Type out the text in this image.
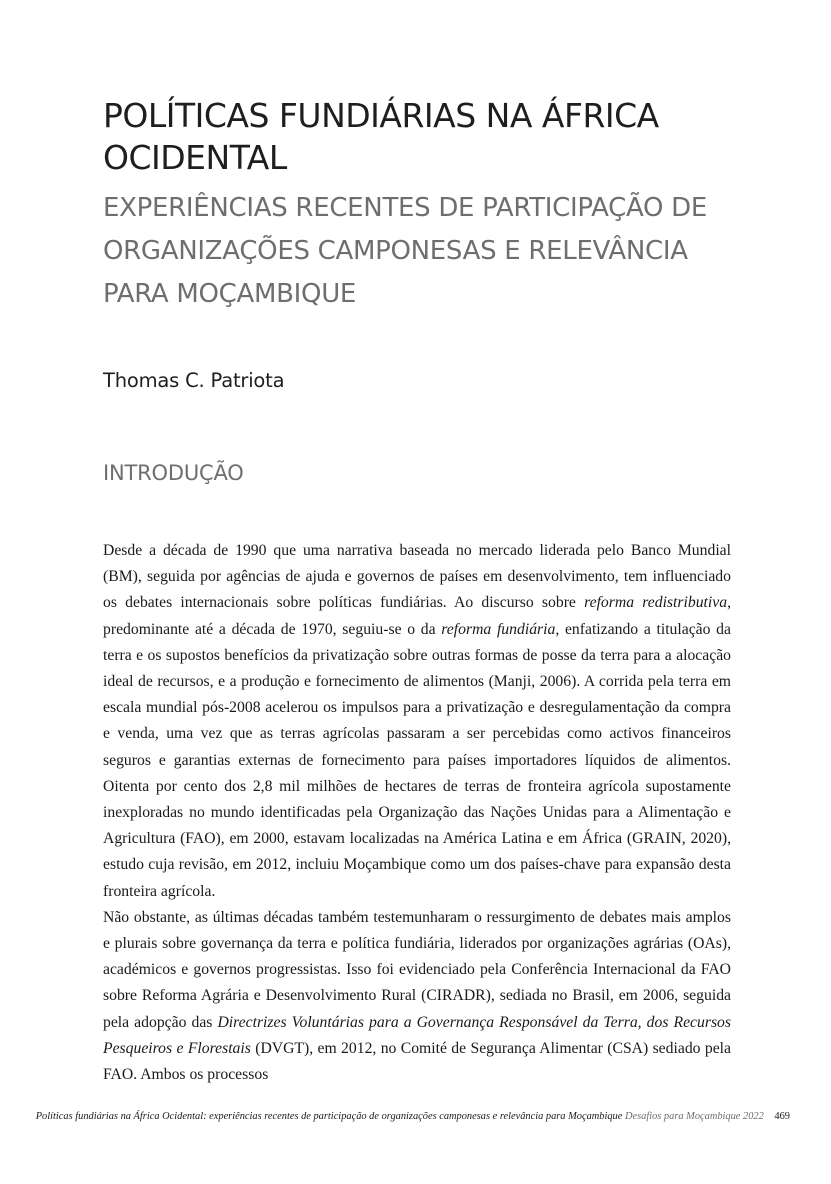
POLÍTICAS FUNDIÁRIAS NA ÁFRICA OCIDENTAL
EXPERIÊNCIAS RECENTES DE PARTICIPAÇÃO DE ORGANIZAÇÕES CAMPONESAS E RELEVÂNCIA PARA MOÇAMBIQUE
Thomas C. Patriota
INTRODUÇÃO

Desde a década de 1990 que uma narrativa baseada no mercado liderada pelo Banco Mundial (BM), seguida por agências de ajuda e governos de países em desenvolvimento, tem influenciado os debates internacionais sobre políticas fundiárias. Ao discurso sobre reforma redistributiva, predominante até a década de 1970, seguiu-se o da reforma fundiária, enfatizando a titulação da terra e os supostos benefícios da privatização sobre outras formas de posse da terra para a alocação ideal de recursos, e a produção e fornecimento de alimentos (Manji, 2006). A corrida pela terra em escala mundial pós-2008 acelerou os impulsos para a privatização e desregulamentação da compra e venda, uma vez que as terras agrícolas passaram a ser percebidas como activos financeiros seguros e garantias externas de fornecimento para países importadores líquidos de alimentos. Oitenta por cento dos 2,8 mil milhões de hectares de terras de fronteira agrícola supostamente inexploradas no mundo identificadas pela Organização das Nações Unidas para a Alimentação e Agricultura (FAO), em 2000, estavam localizadas na América Latina e em África (GRAIN, 2020), estudo cuja revisão, em 2012, incluiu Moçambique como um dos países-chave para expansão desta fronteira agrícola.

Não obstante, as últimas décadas também testemunharam o ressurgimento de debates mais amplos e plurais sobre governança da terra e política fundiária, liderados por organizações agrárias (OAs), académicos e governos progressistas. Isso foi evidenciado pela Conferência Internacional da FAO sobre Reforma Agrária e Desenvolvimento Rural (CIRADR), sediada no Brasil, em 2006, seguida pela adopção das Directrizes Voluntárias para a Governança Responsável da Terra, dos Recursos Pesqueiros e Florestais (DVGT), em 2012, no Comité de Segurança Alimentar (CSA) sediado pela FAO. Ambos os processos

Políticas fundiárias na África Ocidental: experiências recentes de participação de organizações camponesas e relevância para Moçambique Desafios para Moçambique 2022 469
